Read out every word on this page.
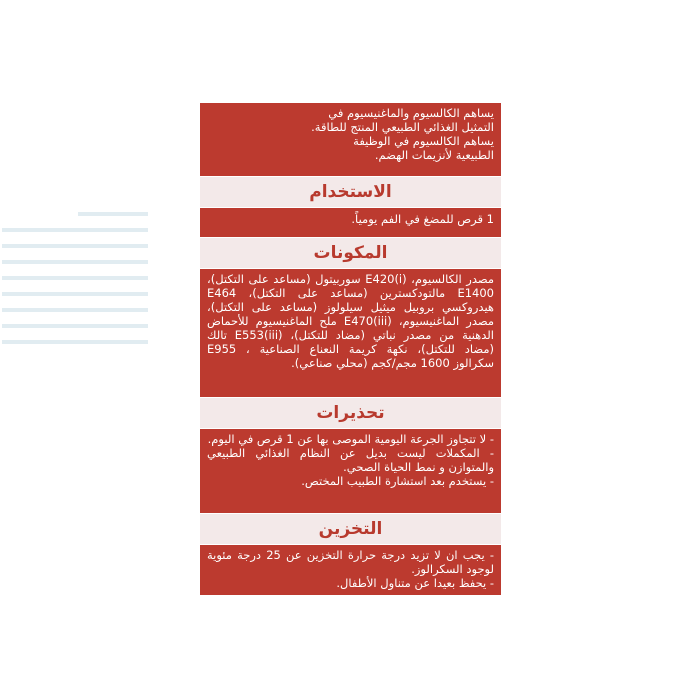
يساهم الكالسيوم والماغنيسيوم في
التمثيل الغذائي الطبيعي المنتج للطاقة.
يساهم الكالسيوم في الوظيفة
الطبيعية لأنزيمات الهضم.
الاستخدام

1 قرص للمضغ في الفم يومياً.

المكونات

مصدر الكالسيوم، E420(i) سوربيتول (مساعد على التكتل)، E1400 مالتودكسترين (مساعد على التكتل)، E464 هيدروكسي بروبيل ميثيل سيلولوز (مساعد على التكتل)، مصدر الماغنيسيوم، E470(iii) ملح الماغنيسيوم للأحماض الدهنية من مصدر نباتي (مضاد للتكتل)، E553(iii) تالك (مضاد للتكتل)، نكهة كريمة النعناع الصناعية ، E955 سكرالوز 1600 مجم/كجم (محلي صناعي).

تحذيرات
- لا تتجاوز الجرعة اليومية الموصى بها عن 1 قرص في اليوم.
- المكملات ليست بديل عن النظام الغذائي الطبيعي والمتوازن و نمط الحياة الصحي.
- يستخدم بعد استشارة الطبيب المختص.
التخزين
- يجب ان لا تزيد درجة حرارة التخزين عن 25 درجة مئوية لوجود السكرالوز.
- يحفظ بعيدا عن متناول الأطفال.
